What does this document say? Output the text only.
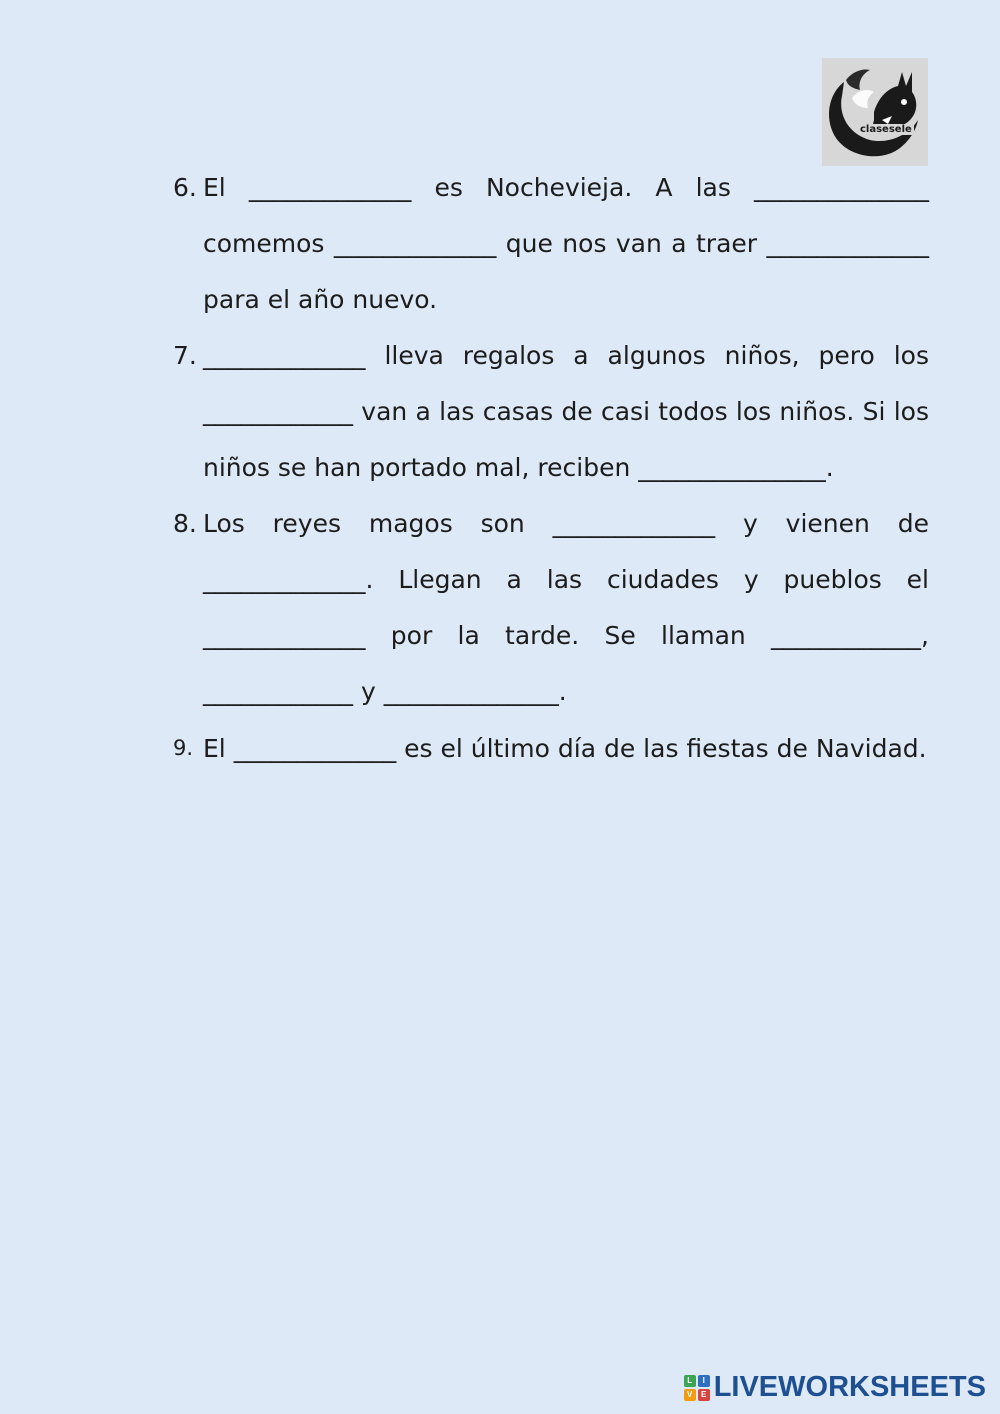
clasesele
6. El _____________ es Nochevieja. A las ______________ comemos _____________ que nos van a traer _____________ para el año nuevo.

7. _____________ lleva regalos a algunos niños, pero los ____________ van a las casas de casi todos los niños. Si los niños se han portado mal, reciben _______________.

8. Los reyes magos son _____________ y vienen de _____________. Llegan a las ciudades y pueblos el _____________ por la tarde. Se llaman ____________, ____________ y ______________.

9. El _____________ es el último día de las fiestas de Navidad.

L	I
V	E LIVEWORKSHEETS
